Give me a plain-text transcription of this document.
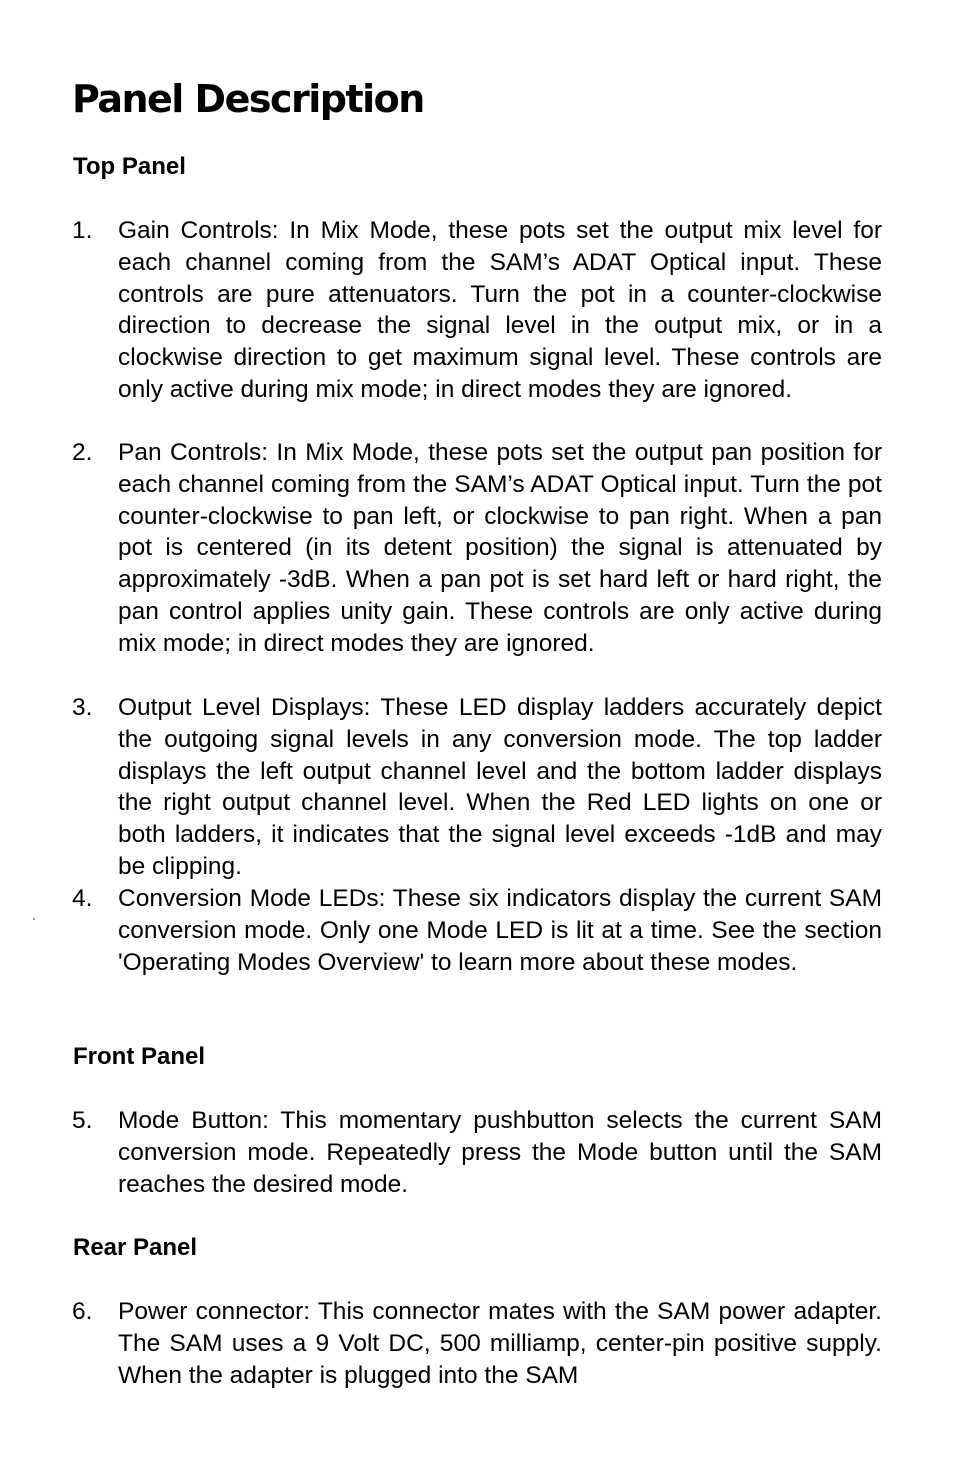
Panel Description
Top Panel
1. Gain Controls: In Mix Mode, these pots set the output mix level for each channel coming from the SAM’s ADAT Optical input. These controls are pure attenuators. Turn the pot in a counter-clockwise direction to decrease the signal level in the output mix, or in a clockwise direction to get maximum signal level. These controls are only active during mix mode; in direct modes they are ignored.

2. Pan Controls: In Mix Mode, these pots set the output pan position for each channel coming from the SAM’s ADAT Optical input. Turn the pot counter-clockwise to pan left, or clockwise to pan right. When a pan pot is centered (in its detent position) the signal is attenuated by approximately -3dB. When a pan pot is set hard left or hard right, the pan control applies unity gain. These controls are only active during mix mode; in direct modes they are ignored.

3. Output Level Displays: These LED display ladders accurately depict the outgoing signal levels in any conversion mode. The top ladder displays the left output channel level and the bottom ladder displays the right output channel level. When the Red LED lights on one or both ladders, it indicates that the signal level exceeds -1dB and may be clipping.

4. Conversion Mode LEDs: These six indicators display the current SAM conversion mode. Only one Mode LED is lit at a time. See the section 'Operating Modes Overview' to learn more about these modes.

Front Panel
5. Mode Button: This momentary pushbutton selects the current SAM conversion mode. Repeatedly press the Mode button until the SAM reaches the desired mode.

Rear Panel
6. Power connector: This connector mates with the SAM power adapter. The SAM uses a 9 Volt DC, 500 milliamp, center-pin positive supply. When the adapter is plugged into the SAM
